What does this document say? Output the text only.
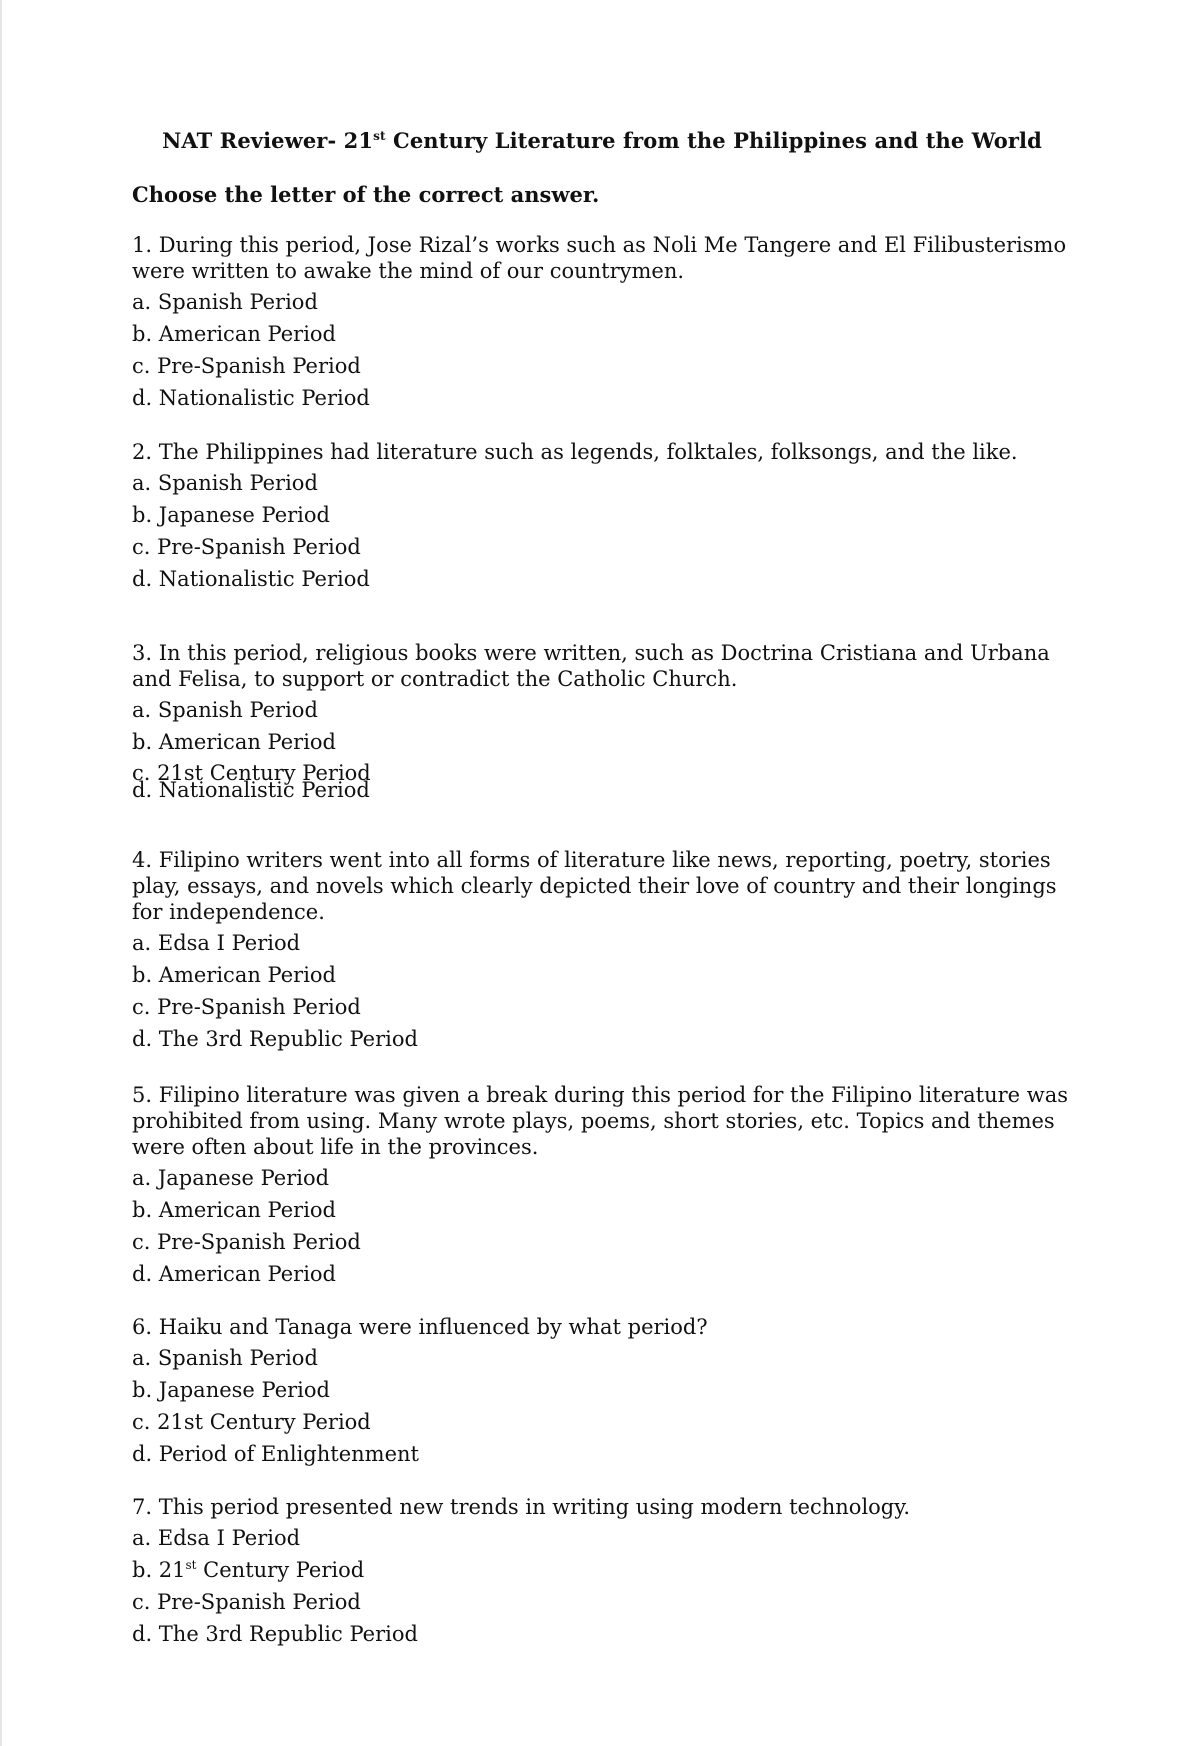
NAT Reviewer- 21st Century Literature from the Philippines and the World
Choose the letter of the correct answer.

1. During this period, Jose Rizal’s works such as Noli Me Tangere and El Filibusterismo were written to awake the mind of our countrymen.

a. Spanish Period
b. American Period
c. Pre-Spanish Period
d. Nationalistic Period

2. The Philippines had literature such as legends, folktales, folksongs, and the like.

a. Spanish Period
b. Japanese Period
c. Pre-Spanish Period
d. Nationalistic Period

3. In this period, religious books were written, such as Doctrina Cristiana and Urbana and Felisa, to support or contradict the Catholic Church.

a. Spanish Period
b. American Period
c. 21st Century Period
d. Nationalistic Period

4. Filipino writers went into all forms of literature like news, reporting, poetry, stories play, essays, and novels which clearly depicted their love of country and their longings for independence.

a. Edsa I Period
b. American Period
c. Pre-Spanish Period
d. The 3rd Republic Period

5. Filipino literature was given a break during this period for the Filipino literature was prohibited from using. Many wrote plays, poems, short stories, etc. Topics and themes were often about life in the provinces.

a. Japanese Period
b. American Period
c. Pre-Spanish Period
d. American Period

6. Haiku and Tanaga were influenced by what period?

a. Spanish Period
b. Japanese Period
c. 21st Century Period
d. Period of Enlightenment

7. This period presented new trends in writing using modern technology.

a. Edsa I Period
b. 21st Century Period
c. Pre-Spanish Period
d. The 3rd Republic Period
